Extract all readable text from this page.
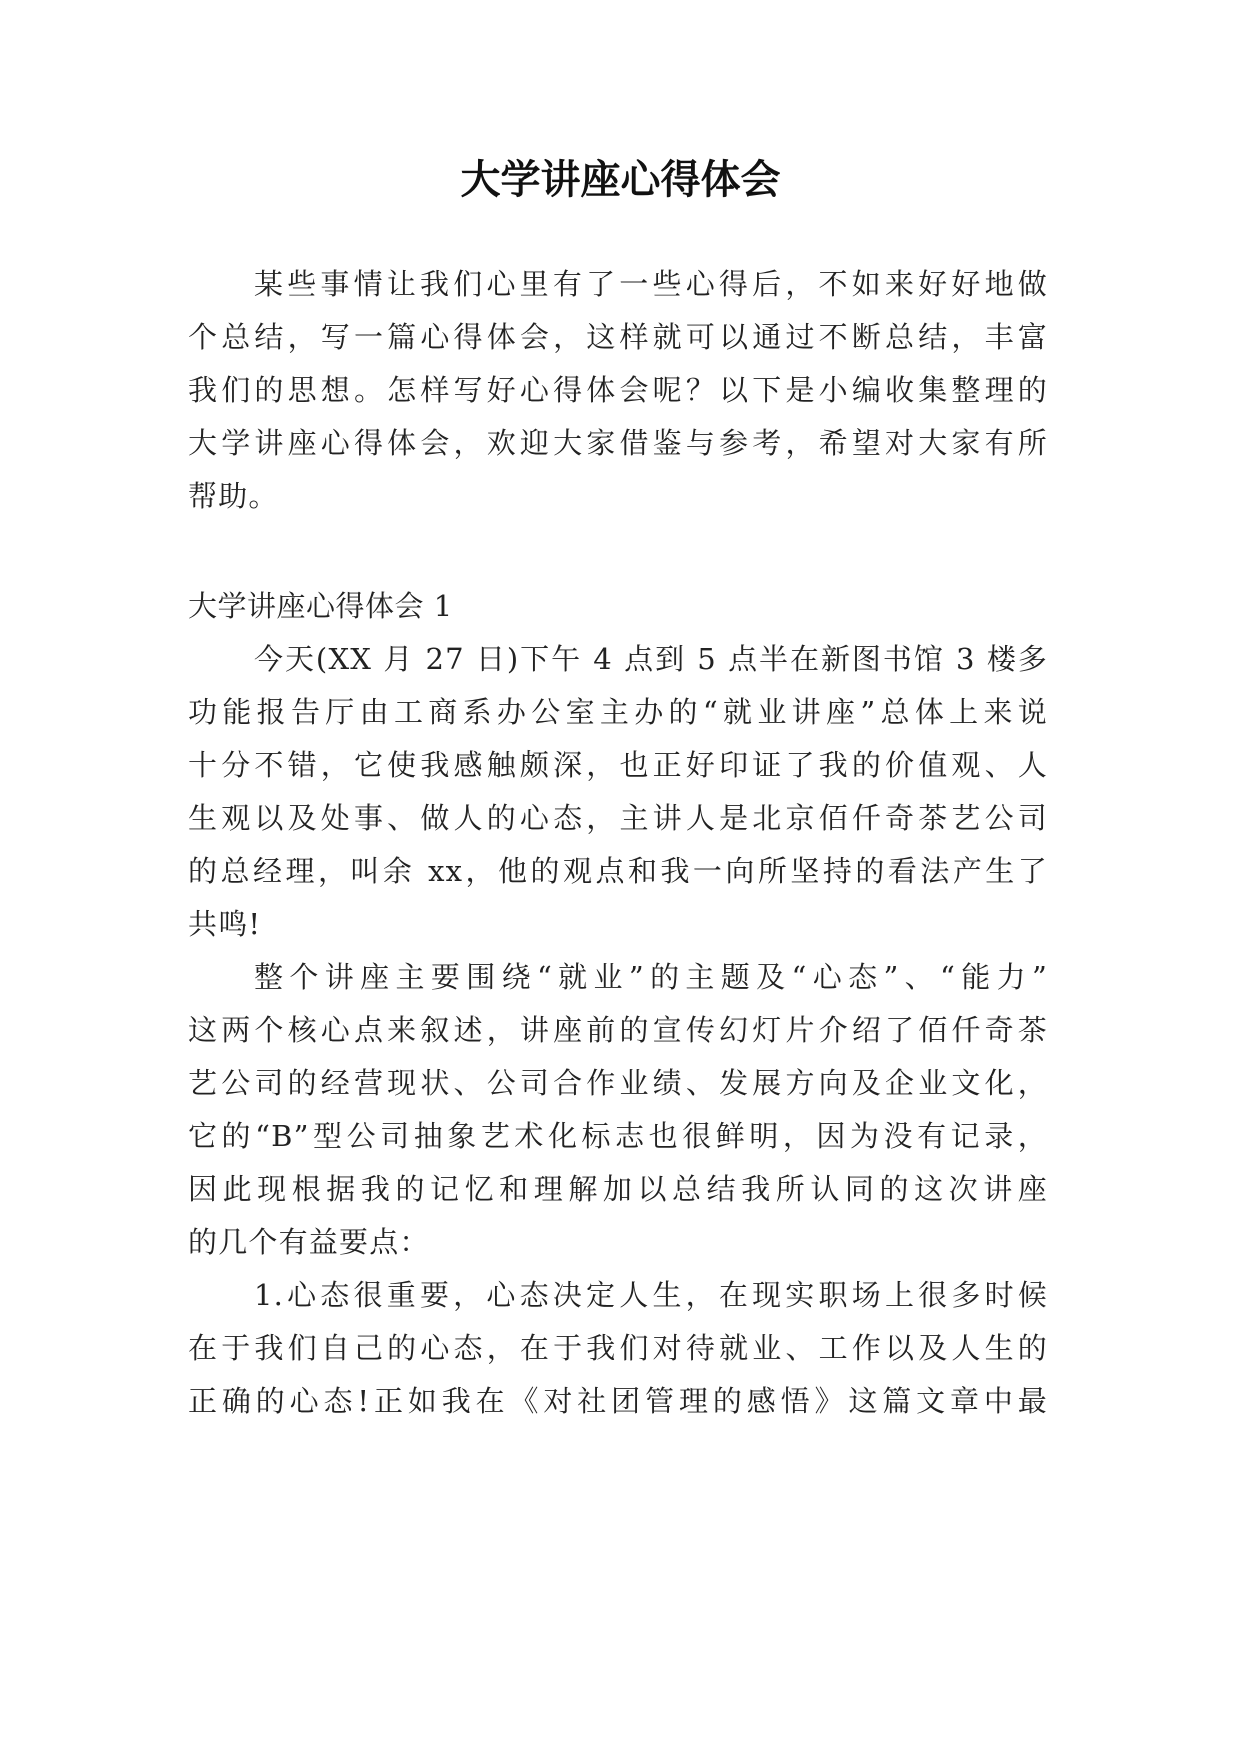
大学讲座心得体会
某些事情让我们心里有了一些心得后，不如来好好地做
个总结，写一篇心得体会，这样就可以通过不断总结，丰富
我们的思想。怎样写好心得体会呢？以下是小编收集整理的
大学讲座心得体会，欢迎大家借鉴与参考，希望对大家有所
帮助。
大学讲座心得体会 1
今天(XX 月 27 日)下午 4 点到 5 点半在新图书馆 3 楼多
功能报告厅由工商系办公室主办的“就业讲座”总体上来说
十分不错，它使我感触颇深，也正好印证了我的价值观、人
生观以及处事、做人的心态，主讲人是北京佰仟奇茶艺公司
的总经理，叫余 xx，他的观点和我一向所坚持的看法产生了
共鸣!
整个讲座主要围绕“就业”的主题及“心态”、“能力”
这两个核心点来叙述，讲座前的宣传幻灯片介绍了佰仟奇茶
艺公司的经营现状、公司合作业绩、发展方向及企业文化，
它的“B”型公司抽象艺术化标志也很鲜明，因为没有记录，
因此现根据我的记忆和理解加以总结我所认同的这次讲座
的几个有益要点：
1.心态很重要，心态决定人生，在现实职场上很多时候
在于我们自己的心态，在于我们对待就业、工作以及人生的
正确的心态!正如我在《对社团管理的感悟》这篇文章中最
